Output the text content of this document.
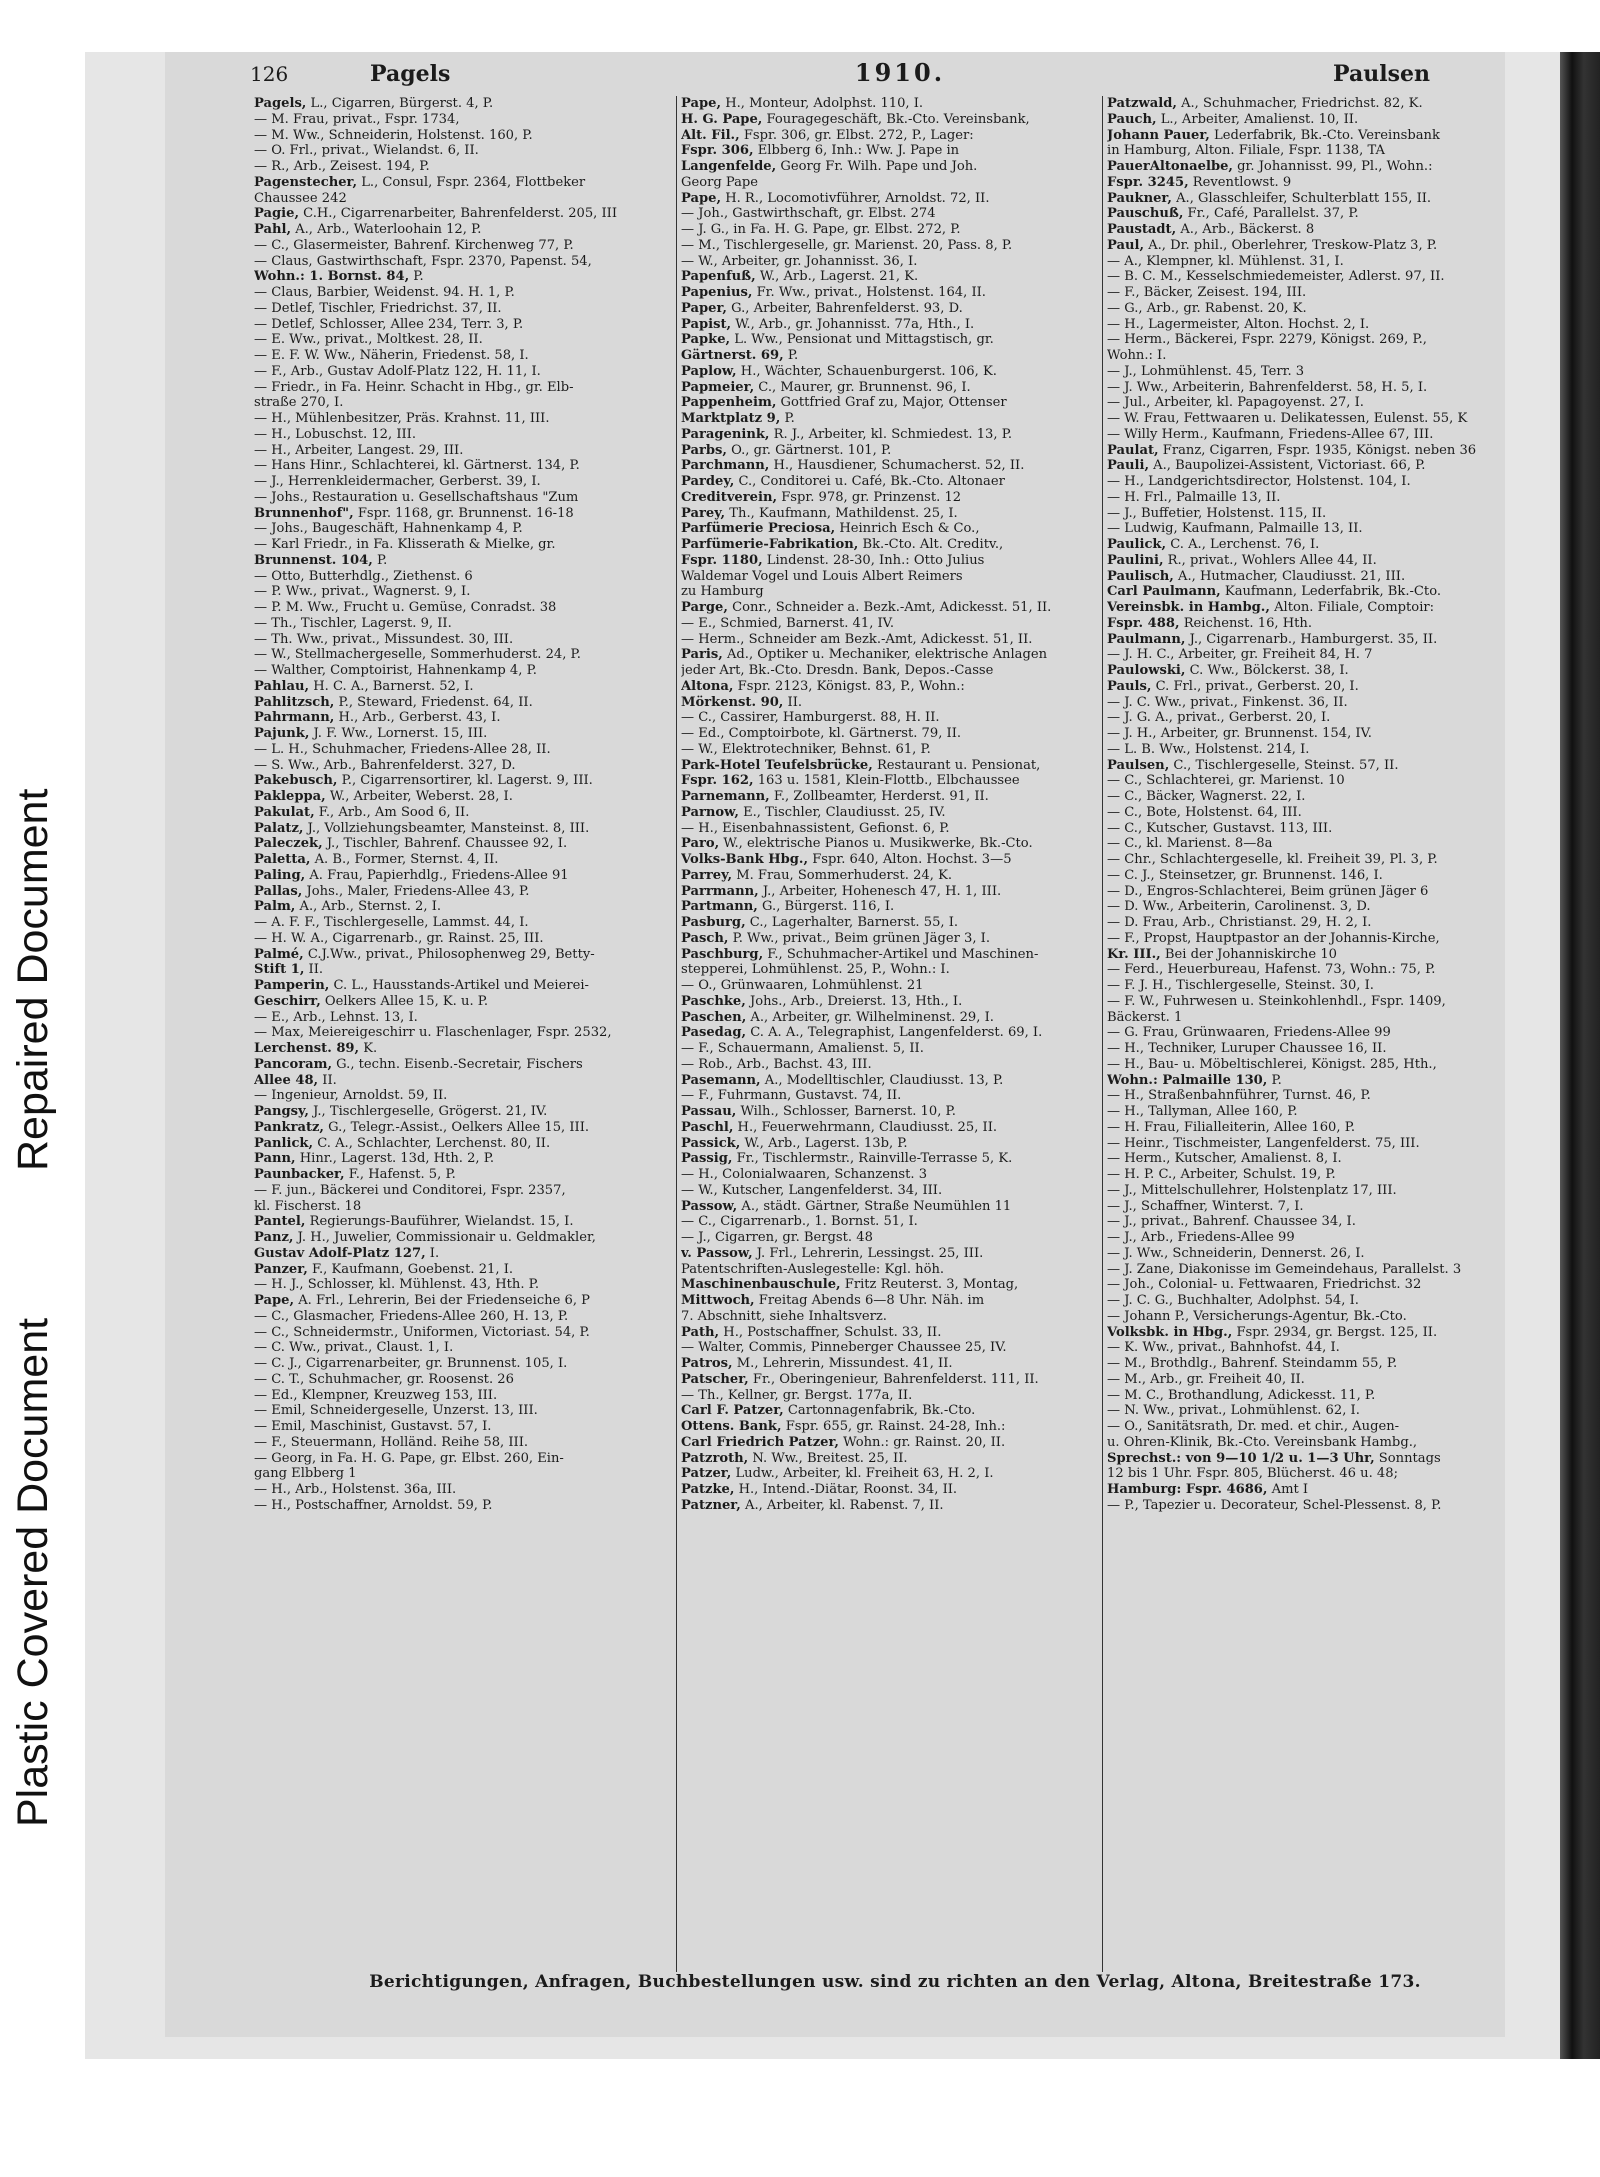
Plastic Covered Document
Repaired Document
126	Pagels	1910.	Paulsen
Pagels, L., Cigarren, Bürgerst. 4, P.
— M. Frau, privat., Fspr. 1734,
— M. Ww., Schneiderin, Holstenst. 160, P.
— O. Frl., privat., Wielandst. 6, II.
— R., Arb., Zeisest. 194, P.
Pagenstecher, L., Consul, Fspr. 2364, Flottbeker
Chaussee 242
Pagie, C.H., Cigarrenarbeiter, Bahrenfelderst. 205, III
Pahl, A., Arb., Waterloohain 12, P.
— C., Glasermeister, Bahrenf. Kirchenweg 77, P.
— Claus, Gastwirthschaft, Fspr. 2370, Papenst. 54,
Wohn.: 1. Bornst. 84, P.
— Claus, Barbier, Weidenst. 94. H. 1, P.
— Detlef, Tischler, Friedrichst. 37, II.
— Detlef, Schlosser, Allee 234, Terr. 3, P.
— E. Ww., privat., Moltkest. 28, II.
— E. F. W. Ww., Näherin, Friedenst. 58, I.
— F., Arb., Gustav Adolf-Platz 122, H. 11, I.
— Friedr., in Fa. Heinr. Schacht in Hbg., gr. Elb-
straße 270, I.
— H., Mühlenbesitzer, Präs. Krahnst. 11, III.
— H., Lobuschst. 12, III.
— H., Arbeiter, Langest. 29, III.
— Hans Hinr., Schlachterei, kl. Gärtnerst. 134, P.
— J., Herrenkleidermacher, Gerberst. 39, I.
— Johs., Restauration u. Gesellschaftshaus "Zum
Brunnenhof", Fspr. 1168, gr. Brunnenst. 16-18
— Johs., Baugeschäft, Hahnenkamp 4, P.
— Karl Friedr., in Fa. Klisserath & Mielke, gr.
Brunnenst. 104, P.
— Otto, Butterhdlg., Ziethenst. 6
— P. Ww., privat., Wagnerst. 9, I.
— P. M. Ww., Frucht u. Gemüse, Conradst. 38
— Th., Tischler, Lagerst. 9, II.
— Th. Ww., privat., Missundest. 30, III.
— W., Stellmachergeselle, Sommerhuderst. 24, P.
— Walther, Comptoirist, Hahnenkamp 4, P.
Pahlau, H. C. A., Barnerst. 52, I.
Pahlitzsch, P., Steward, Friedenst. 64, II.
Pahrmann, H., Arb., Gerberst. 43, I.
Pajunk, J. F. Ww., Lornerst. 15, III.
— L. H., Schuhmacher, Friedens-Allee 28, II.
— S. Ww., Arb., Bahrenfelderst. 327, D.
Pakebusch, P., Cigarrensortirer, kl. Lagerst. 9, III.
Pakleppa, W., Arbeiter, Weberst. 28, I.
Pakulat, F., Arb., Am Sood 6, II.
Palatz, J., Vollziehungsbeamter, Mansteinst. 8, III.
Paleczek, J., Tischler, Bahrenf. Chaussee 92, I.
Paletta, A. B., Former, Sternst. 4, II.
Paling, A. Frau, Papierhdlg., Friedens-Allee 91
Pallas, Johs., Maler, Friedens-Allee 43, P.
Palm, A., Arb., Sternst. 2, I.
— A. F. F., Tischlergeselle, Lammst. 44, I.
— H. W. A., Cigarrenarb., gr. Rainst. 25, III.
Palmé, C.J.Ww., privat., Philosophenweg 29, Betty-
Stift 1, II.
Pamperin, C. L., Hausstands-Artikel und Meierei-
Geschirr, Oelkers Allee 15, K. u. P.
— E., Arb., Lehnst. 13, I.
— Max, Meiereigeschirr u. Flaschenlager, Fspr. 2532,
Lerchenst. 89, K.
Pancoram, G., techn. Eisenb.-Secretair, Fischers
Allee 48, II.
— Ingenieur, Arnoldst. 59, II.
Pangsy, J., Tischlergeselle, Grögerst. 21, IV.
Pankratz, G., Telegr.-Assist., Oelkers Allee 15, III.
Panlick, C. A., Schlachter, Lerchenst. 80, II.
Pann, Hinr., Lagerst. 13d, Hth. 2, P.
Paunbacker, F., Hafenst. 5, P.
— F. jun., Bäckerei und Conditorei, Fspr. 2357,
kl. Fischerst. 18
Pantel, Regierungs-Bauführer, Wielandst. 15, I.
Panz, J. H., Juwelier, Commissionair u. Geldmakler,
Gustav Adolf-Platz 127, I.
Panzer, F., Kaufmann, Goebenst. 21, I.
— H. J., Schlosser, kl. Mühlenst. 43, Hth. P.
Pape, A. Frl., Lehrerin, Bei der Friedenseiche 6, P
— C., Glasmacher, Friedens-Allee 260, H. 13, P.
— C., Schneidermstr., Uniformen, Victoriast. 54, P.
— C. Ww., privat., Claust. 1, I.
— C. J., Cigarrenarbeiter, gr. Brunnenst. 105, I.
— C. T., Schuhmacher, gr. Roosenst. 26
— Ed., Klempner, Kreuzweg 153, III.
— Emil, Schneidergeselle, Unzerst. 13, III.
— Emil, Maschinist, Gustavst. 57, I.
— F., Steuermann, Holländ. Reihe 58, III.
— Georg, in Fa. H. G. Pape, gr. Elbst. 260, Ein-
gang Elbberg 1
— H., Arb., Holstenst. 36a, III.
— H., Postschaffner, Arnoldst. 59, P.
Pape, H., Monteur, Adolphst. 110, I.
H. G. Pape, Fouragegeschäft, Bk.-Cto. Vereinsbank,
Alt. Fil., Fspr. 306, gr. Elbst. 272, P., Lager:
Fspr. 306, Elbberg 6, Inh.: Ww. J. Pape in
Langenfelde, Georg Fr. Wilh. Pape und Joh.
Georg Pape
Pape, H. R., Locomotivführer, Arnoldst. 72, II.
— Joh., Gastwirthschaft, gr. Elbst. 274
— J. G., in Fa. H. G. Pape, gr. Elbst. 272, P.
— M., Tischlergeselle, gr. Marienst. 20, Pass. 8, P.
— W., Arbeiter, gr. Johannisst. 36, I.
Papenfuß, W., Arb., Lagerst. 21, K.
Papenius, Fr. Ww., privat., Holstenst. 164, II.
Paper, G., Arbeiter, Bahrenfelderst. 93, D.
Papist, W., Arb., gr. Johannisst. 77a, Hth., I.
Papke, L. Ww., Pensionat und Mittagstisch, gr.
Gärtnerst. 69, P.
Paplow, H., Wächter, Schauenburgerst. 106, K.
Papmeier, C., Maurer, gr. Brunnenst. 96, I.
Pappenheim, Gottfried Graf zu, Major, Ottenser
Marktplatz 9, P.
Paragenink, R. J., Arbeiter, kl. Schmiedest. 13, P.
Parbs, O., gr. Gärtnerst. 101, P.
Parchmann, H., Hausdiener, Schumacherst. 52, II.
Pardey, C., Conditorei u. Café, Bk.-Cto. Altonaer
Creditverein, Fspr. 978, gr. Prinzenst. 12
Parey, Th., Kaufmann, Mathildenst. 25, I.
Parfümerie Preciosa, Heinrich Esch & Co.,
Parfümerie-Fabrikation, Bk.-Cto. Alt. Creditv.,
Fspr. 1180, Lindenst. 28-30, Inh.: Otto Julius
Waldemar Vogel und Louis Albert Reimers
zu Hamburg
Parge, Conr., Schneider a. Bezk.-Amt, Adickesst. 51, II.
— E., Schmied, Barnerst. 41, IV.
— Herm., Schneider am Bezk.-Amt, Adickesst. 51, II.
Paris, Ad., Optiker u. Mechaniker, elektrische Anlagen
jeder Art, Bk.-Cto. Dresdn. Bank, Depos.-Casse
Altona, Fspr. 2123, Königst. 83, P., Wohn.:
Mörkenst. 90, II.
— C., Cassirer, Hamburgerst. 88, H. II.
— Ed., Comptoirbote, kl. Gärtnerst. 79, II.
— W., Elektrotechniker, Behnst. 61, P.
Park-Hotel Teufelsbrücke, Restaurant u. Pensionat,
Fspr. 162, 163 u. 1581, Klein-Flottb., Elbchaussee
Parnemann, F., Zollbeamter, Herderst. 91, II.
Parnow, E., Tischler, Claudiusst. 25, IV.
— H., Eisenbahnassistent, Gefionst. 6, P.
Paro, W., elektrische Pianos u. Musikwerke, Bk.-Cto.
Volks-Bank Hbg., Fspr. 640, Alton. Hochst. 3—5
Parrey, M. Frau, Sommerhuderst. 24, K.
Parrmann, J., Arbeiter, Hohenesch 47, H. 1, III.
Partmann, G., Bürgerst. 116, I.
Pasburg, C., Lagerhalter, Barnerst. 55, I.
Pasch, P. Ww., privat., Beim grünen Jäger 3, I.
Paschburg, F., Schuhmacher-Artikel und Maschinen-
stepperei, Lohmühlenst. 25, P., Wohn.: I.
— O., Grünwaaren, Lohmühlenst. 21
Paschke, Johs., Arb., Dreierst. 13, Hth., I.
Paschen, A., Arbeiter, gr. Wilhelminenst. 29, I.
Pasedag, C. A. A., Telegraphist, Langenfelderst. 69, I.
— F., Schauermann, Amalienst. 5, II.
— Rob., Arb., Bachst. 43, III.
Pasemann, A., Modelltischler, Claudiusst. 13, P.
— F., Fuhrmann, Gustavst. 74, II.
Passau, Wilh., Schlosser, Barnerst. 10, P.
Paschl, H., Feuerwehrmann, Claudiusst. 25, II.
Passick, W., Arb., Lagerst. 13b, P.
Passig, Fr., Tischlermstr., Rainville-Terrasse 5, K.
— H., Colonialwaaren, Schanzenst. 3
— W., Kutscher, Langenfelderst. 34, III.
Passow, A., städt. Gärtner, Straße Neumühlen 11
— C., Cigarrenarb., 1. Bornst. 51, I.
— J., Cigarren, gr. Bergst. 48
v. Passow, J. Frl., Lehrerin, Lessingst. 25, III.
Patentschriften-Auslegestelle: Kgl. höh.
Maschinenbauschule, Fritz Reuterst. 3, Montag,
Mittwoch, Freitag Abends 6—8 Uhr. Näh. im
7. Abschnitt, siehe Inhaltsverz.
Path, H., Postschaffner, Schulst. 33, II.
— Walter, Commis, Pinneberger Chaussee 25, IV.
Patros, M., Lehrerin, Missundest. 41, II.
Patscher, Fr., Oberingenieur, Bahrenfelderst. 111, II.
— Th., Kellner, gr. Bergst. 177a, II.
Carl F. Patzer, Cartonnagenfabrik, Bk.-Cto.
Ottens. Bank, Fspr. 655, gr. Rainst. 24-28, Inh.:
Carl Friedrich Patzer, Wohn.: gr. Rainst. 20, II.
Patzroth, N. Ww., Breitest. 25, II.
Patzer, Ludw., Arbeiter, kl. Freiheit 63, H. 2, I.
Patzke, H., Intend.-Diätar, Roonst. 34, II.
Patzner, A., Arbeiter, kl. Rabenst. 7, II.
Patzwald, A., Schuhmacher, Friedrichst. 82, K.
Pauch, L., Arbeiter, Amalienst. 10, II.
Johann Pauer, Lederfabrik, Bk.-Cto. Vereinsbank
in Hamburg, Alton. Filiale, Fspr. 1138, TA
PauerAltonaelbe, gr. Johannisst. 99, Pl., Wohn.:
Fspr. 3245, Reventlowst. 9
Paukner, A., Glasschleifer, Schulterblatt 155, II.
Pauschuß, Fr., Café, Parallelst. 37, P.
Paustadt, A., Arb., Bäckerst. 8
Paul, A., Dr. phil., Oberlehrer, Treskow-Platz 3, P.
— A., Klempner, kl. Mühlenst. 31, I.
— B. C. M., Kesselschmiedemeister, Adlerst. 97, II.
— F., Bäcker, Zeisest. 194, III.
— G., Arb., gr. Rabenst. 20, K.
— H., Lagermeister, Alton. Hochst. 2, I.
— Herm., Bäckerei, Fspr. 2279, Königst. 269, P.,
Wohn.: I.
— J., Lohmühlenst. 45, Terr. 3
— J. Ww., Arbeiterin, Bahrenfelderst. 58, H. 5, I.
— Jul., Arbeiter, kl. Papagoyenst. 27, I.
— W. Frau, Fettwaaren u. Delikatessen, Eulenst. 55, K
— Willy Herm., Kaufmann, Friedens-Allee 67, III.
Paulat, Franz, Cigarren, Fspr. 1935, Königst. neben 36
Pauli, A., Baupolizei-Assistent, Victoriast. 66, P.
— H., Landgerichtsdirector, Holstenst. 104, I.
— H. Frl., Palmaille 13, II.
— J., Buffetier, Holstenst. 115, II.
— Ludwig, Kaufmann, Palmaille 13, II.
Paulick, C. A., Lerchenst. 76, I.
Paulini, R., privat., Wohlers Allee 44, II.
Paulisch, A., Hutmacher, Claudiusst. 21, III.
Carl Paulmann, Kaufmann, Lederfabrik, Bk.-Cto.
Vereinsbk. in Hambg., Alton. Filiale, Comptoir:
Fspr. 488, Reichenst. 16, Hth.
Paulmann, J., Cigarrenarb., Hamburgerst. 35, II.
— J. H. C., Arbeiter, gr. Freiheit 84, H. 7
Paulowski, C. Ww., Bölckerst. 38, I.
Pauls, C. Frl., privat., Gerberst. 20, I.
— J. C. Ww., privat., Finkenst. 36, II.
— J. G. A., privat., Gerberst. 20, I.
— J. H., Arbeiter, gr. Brunnenst. 154, IV.
— L. B. Ww., Holstenst. 214, I.
Paulsen, C., Tischlergeselle, Steinst. 57, II.
— C., Schlachterei, gr. Marienst. 10
— C., Bäcker, Wagnerst. 22, I.
— C., Bote, Holstenst. 64, III.
— C., Kutscher, Gustavst. 113, III.
— C., kl. Marienst. 8—8a
— Chr., Schlachtergeselle, kl. Freiheit 39, Pl. 3, P.
— C. J., Steinsetzer, gr. Brunnenst. 146, I.
— D., Engros-Schlachterei, Beim grünen Jäger 6
— D. Ww., Arbeiterin, Carolinenst. 3, D.
— D. Frau, Arb., Christianst. 29, H. 2, I.
— F., Propst, Hauptpastor an der Johannis-Kirche,
Kr. III., Bei der Johanniskirche 10
— Ferd., Heuerbureau, Hafenst. 73, Wohn.: 75, P.
— F. J. H., Tischlergeselle, Steinst. 30, I.
— F. W., Fuhrwesen u. Steinkohlenhdl., Fspr. 1409,
Bäckerst. 1
— G. Frau, Grünwaaren, Friedens-Allee 99
— H., Techniker, Luruper Chaussee 16, II.
— H., Bau- u. Möbeltischlerei, Königst. 285, Hth.,
Wohn.: Palmaille 130, P.
— H., Straßenbahnführer, Turnst. 46, P.
— H., Tallyman, Allee 160, P.
— H. Frau, Filialleiterin, Allee 160, P.
— Heinr., Tischmeister, Langenfelderst. 75, III.
— Herm., Kutscher, Amalienst. 8, I.
— H. P. C., Arbeiter, Schulst. 19, P.
— J., Mittelschullehrer, Holstenplatz 17, III.
— J., Schaffner, Winterst. 7, I.
— J., privat., Bahrenf. Chaussee 34, I.
— J., Arb., Friedens-Allee 99
— J. Ww., Schneiderin, Dennerst. 26, I.
— J. Zane, Diakonisse im Gemeindehaus, Parallelst. 3
— Joh., Colonial- u. Fettwaaren, Friedrichst. 32
— J. C. G., Buchhalter, Adolphst. 54, I.
— Johann P., Versicherungs-Agentur, Bk.-Cto.
Volksbk. in Hbg., Fspr. 2934, gr. Bergst. 125, II.
— K. Ww., privat., Bahnhofst. 44, I.
— M., Brothdlg., Bahrenf. Steindamm 55, P.
— M., Arb., gr. Freiheit 40, II.
— M. C., Brothandlung, Adickesst. 11, P.
— N. Ww., privat., Lohmühlenst. 62, I.
— O., Sanitätsrath, Dr. med. et chir., Augen-
u. Ohren-Klinik, Bk.-Cto. Vereinsbank Hambg.,
Sprechst.: von 9—10 1/2 u. 1—3 Uhr, Sonntags
12 bis 1 Uhr. Fspr. 805, Blücherst. 46 u. 48;
Hamburg: Fspr. 4686, Amt I
— P., Tapezier u. Decorateur, Schel-Plessenst. 8, P.
Berichtigungen, Anfragen, Buchbestellungen usw. sind zu richten an den Verlag, Altona, Breitestraße 173.
